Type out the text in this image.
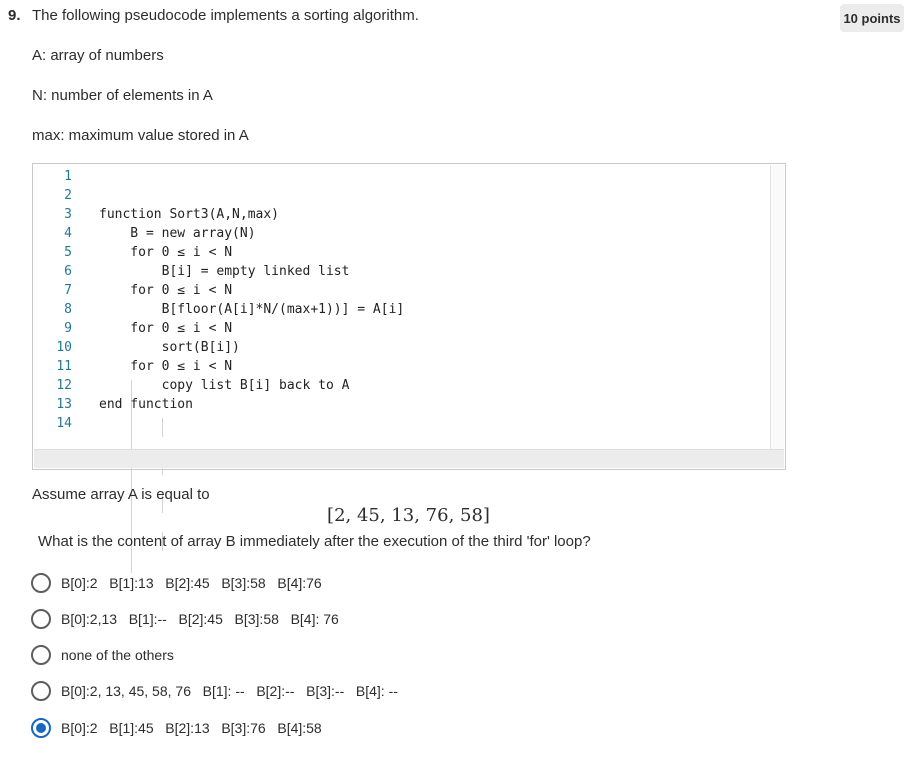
9. The following pseudocode implements a sorting algorithm.	10 points
A: array of numbers
N: number of elements in A
max: maximum value stored in A
1
2
3 function Sort3(A,N,max)
4 B = new array(N)
5 for 0 ≤ i < N
6 B[i] = empty linked list
7 for 0 ≤ i < N
8 B[floor(A[i]*N/(max+1))] = A[i]
9 for 0 ≤ i < N
10 sort(B[i])
11 for 0 ≤ i < N
12 copy list B[i] back to A
13 end function
14
Assume array A is equal to
[2, 45, 13, 76, 58]
What is the content of array B immediately after the execution of the third 'for' loop?
B[0]:2   B[1]:13   B[2]:45   B[3]:58   B[4]:76
B[0]:2,13   B[1]:--   B[2]:45   B[3]:58   B[4]: 76
none of the others
B[0]:2, 13, 45, 58, 76   B[1]: --   B[2]:--   B[3]:--   B[4]: --
B[0]:2   B[1]:45   B[2]:13   B[3]:76   B[4]:58
